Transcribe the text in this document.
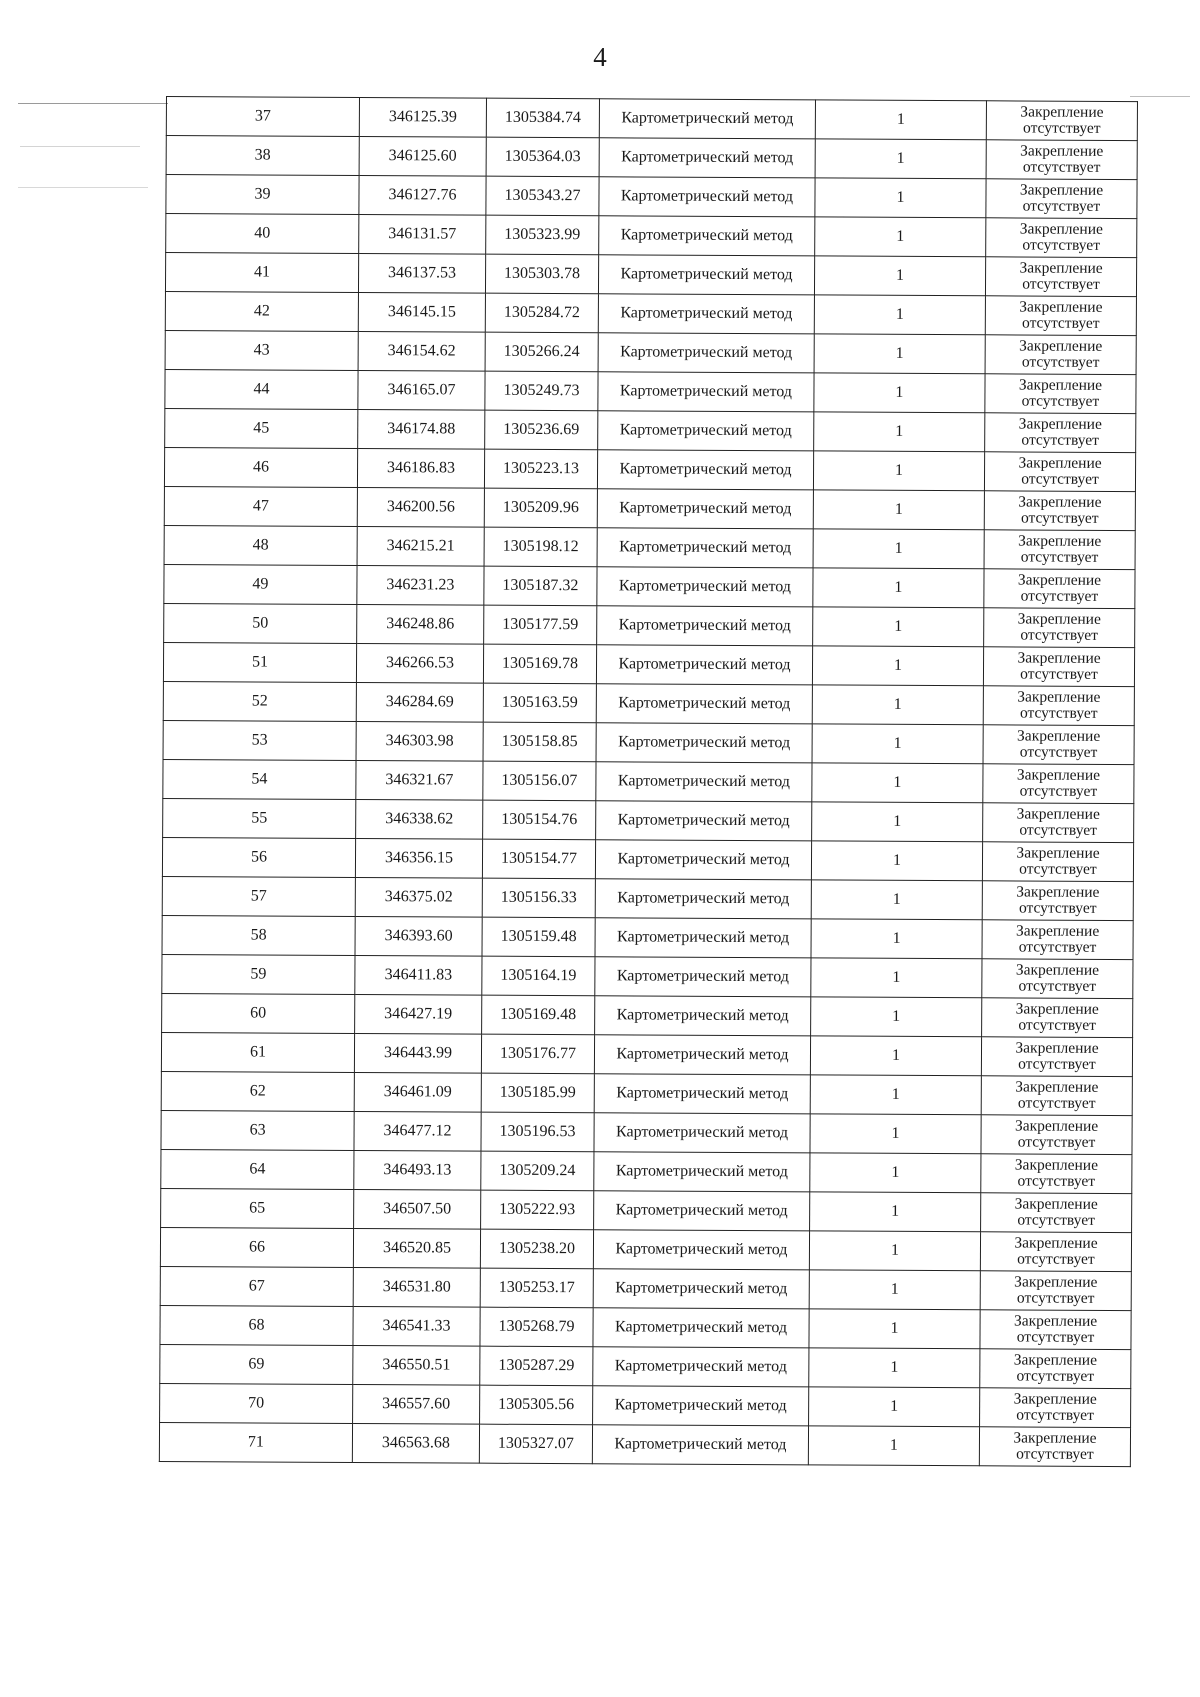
4
37	346125.39	1305384.74	Картометрический метод	1	Закрепление
отсутствует

38	346125.60	1305364.03	Картометрический метод	1	Закрепление
отсутствует

39	346127.76	1305343.27	Картометрический метод	1	Закрепление
отсутствует

40	346131.57	1305323.99	Картометрический метод	1	Закрепление
отсутствует

41	346137.53	1305303.78	Картометрический метод	1	Закрепление
отсутствует

42	346145.15	1305284.72	Картометрический метод	1	Закрепление
отсутствует

43	346154.62	1305266.24	Картометрический метод	1	Закрепление
отсутствует

44	346165.07	1305249.73	Картометрический метод	1	Закрепление
отсутствует

45	346174.88	1305236.69	Картометрический метод	1	Закрепление
отсутствует

46	346186.83	1305223.13	Картометрический метод	1	Закрепление
отсутствует

47	346200.56	1305209.96	Картометрический метод	1	Закрепление
отсутствует

48	346215.21	1305198.12	Картометрический метод	1	Закрепление
отсутствует

49	346231.23	1305187.32	Картометрический метод	1	Закрепление
отсутствует

50	346248.86	1305177.59	Картометрический метод	1	Закрепление
отсутствует

51	346266.53	1305169.78	Картометрический метод	1	Закрепление
отсутствует

52	346284.69	1305163.59	Картометрический метод	1	Закрепление
отсутствует

53	346303.98	1305158.85	Картометрический метод	1	Закрепление
отсутствует

54	346321.67	1305156.07	Картометрический метод	1	Закрепление
отсутствует

55	346338.62	1305154.76	Картометрический метод	1	Закрепление
отсутствует

56	346356.15	1305154.77	Картометрический метод	1	Закрепление
отсутствует

57	346375.02	1305156.33	Картометрический метод	1	Закрепление
отсутствует

58	346393.60	1305159.48	Картометрический метод	1	Закрепление
отсутствует

59	346411.83	1305164.19	Картометрический метод	1	Закрепление
отсутствует

60	346427.19	1305169.48	Картометрический метод	1	Закрепление
отсутствует

61	346443.99	1305176.77	Картометрический метод	1	Закрепление
отсутствует

62	346461.09	1305185.99	Картометрический метод	1	Закрепление
отсутствует

63	346477.12	1305196.53	Картометрический метод	1	Закрепление
отсутствует

64	346493.13	1305209.24	Картометрический метод	1	Закрепление
отсутствует

65	346507.50	1305222.93	Картометрический метод	1	Закрепление
отсутствует

66	346520.85	1305238.20	Картометрический метод	1	Закрепление
отсутствует

67	346531.80	1305253.17	Картометрический метод	1	Закрепление
отсутствует

68	346541.33	1305268.79	Картометрический метод	1	Закрепление
отсутствует

69	346550.51	1305287.29	Картометрический метод	1	Закрепление
отсутствует

70	346557.60	1305305.56	Картометрический метод	1	Закрепление
отсутствует

71	346563.68	1305327.07	Картометрический метод	1	Закрепление
отсутствует
